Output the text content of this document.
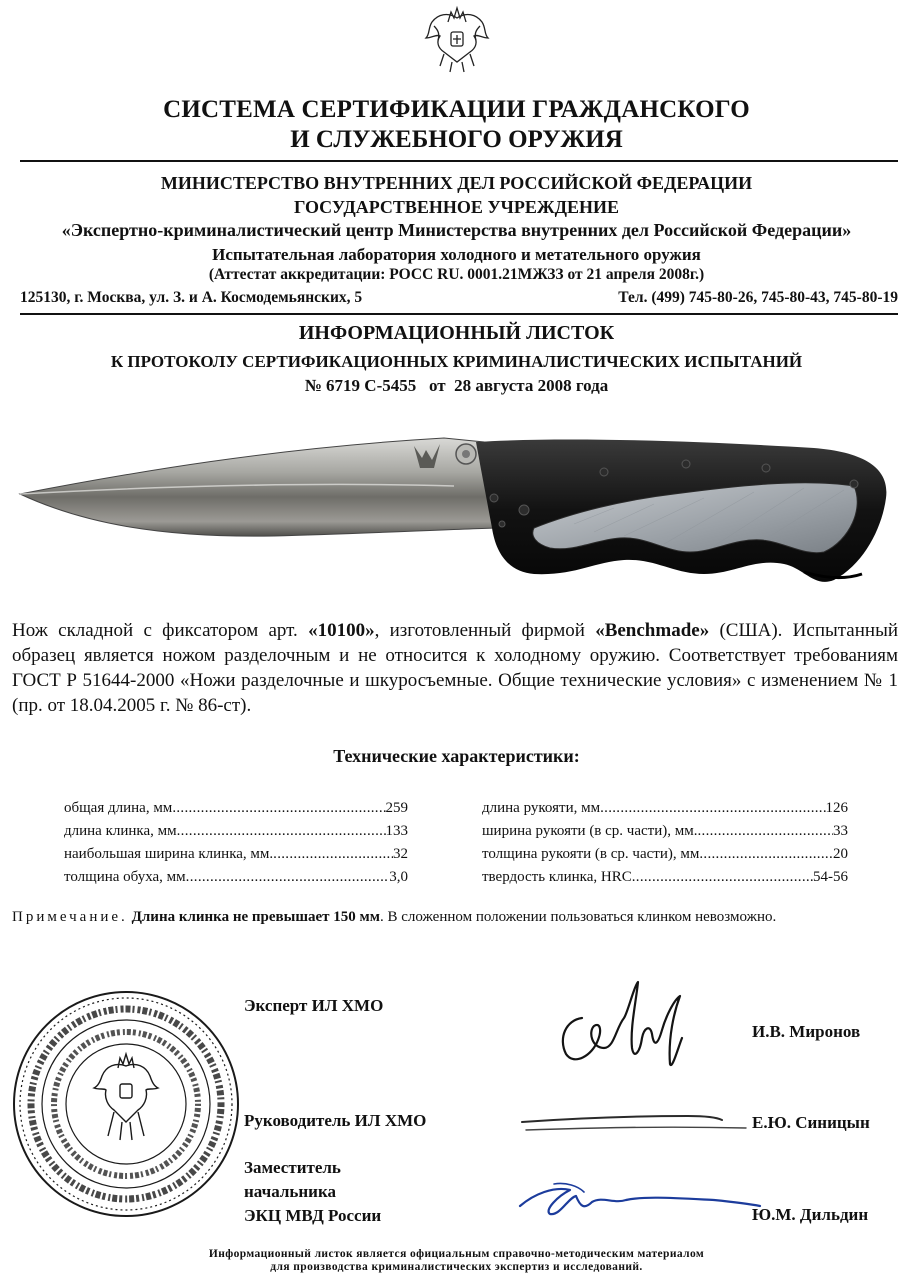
СИСТЕМА СЕРТИФИКАЦИИ ГРАЖДАНСКОГО
И СЛУЖЕБНОГО ОРУЖИЯ
МИНИСТЕРСТВО ВНУТРЕННИХ ДЕЛ РОССИЙСКОЙ ФЕДЕРАЦИИ
ГОСУДАРСТВЕННОЕ УЧРЕЖДЕНИЕ
«Экспертно-криминалистический центр Министерства внутренних дел Российской Федерации»
Испытательная лаборатория холодного и метательного оружия
(Аттестат аккредитации: РОСС RU. 0001.21МЖЗЗ от 21 апреля 2008г.)
125130, г. Москва, ул. З. и А. Космодемьянских, 5	Тел. (499) 745-80-26, 745-80-43, 745-80-19
ИНФОРМАЦИОННЫЙ ЛИСТОК
К ПРОТОКОЛУ СЕРТИФИКАЦИОННЫХ КРИМИНАЛИСТИЧЕСКИХ ИСПЫТАНИЙ
№ 6719 С-5455   от  28 августа 2008 года
Нож складной с фиксатором арт. «10100», изготовленный фирмой «Benchmade» (США). Испытанный образец является ножом разделочным и не относится к холодному оружию. Соответствует требованиям ГОСТ Р 51644-2000 «Ножи разделочные и шкуросъемные. Общие технические условия» с изменением № 1 (пр. от 18.04.2005 г. № 86-ст).
Технические характеристики:
общая длина, мм .....	259
длина клинка, мм .....	133
наибольшая ширина клинка, мм. .....	32
толщина обуха, мм .....	3,0
длина рукояти, мм .....	126
ширина рукояти (в ср. части), мм. .....	33
толщина рукояти (в ср. части), мм .....	20
твердость клинка, HRC .....	54-56
Примечание. Длина клинка не превышает 150 мм. В сложенном положении пользоваться клинком невозможно.
Эксперт ИЛ ХМО
И.В. Миронов
Руководитель ИЛ ХМО	Е.Ю. Синицын
Заместитель
начальника
ЭКЦ МВД России	Ю.М. Дильдин
Информационный листок является официальным справочно-методическим материалом
для производства криминалистических экспертиз и исследований.
